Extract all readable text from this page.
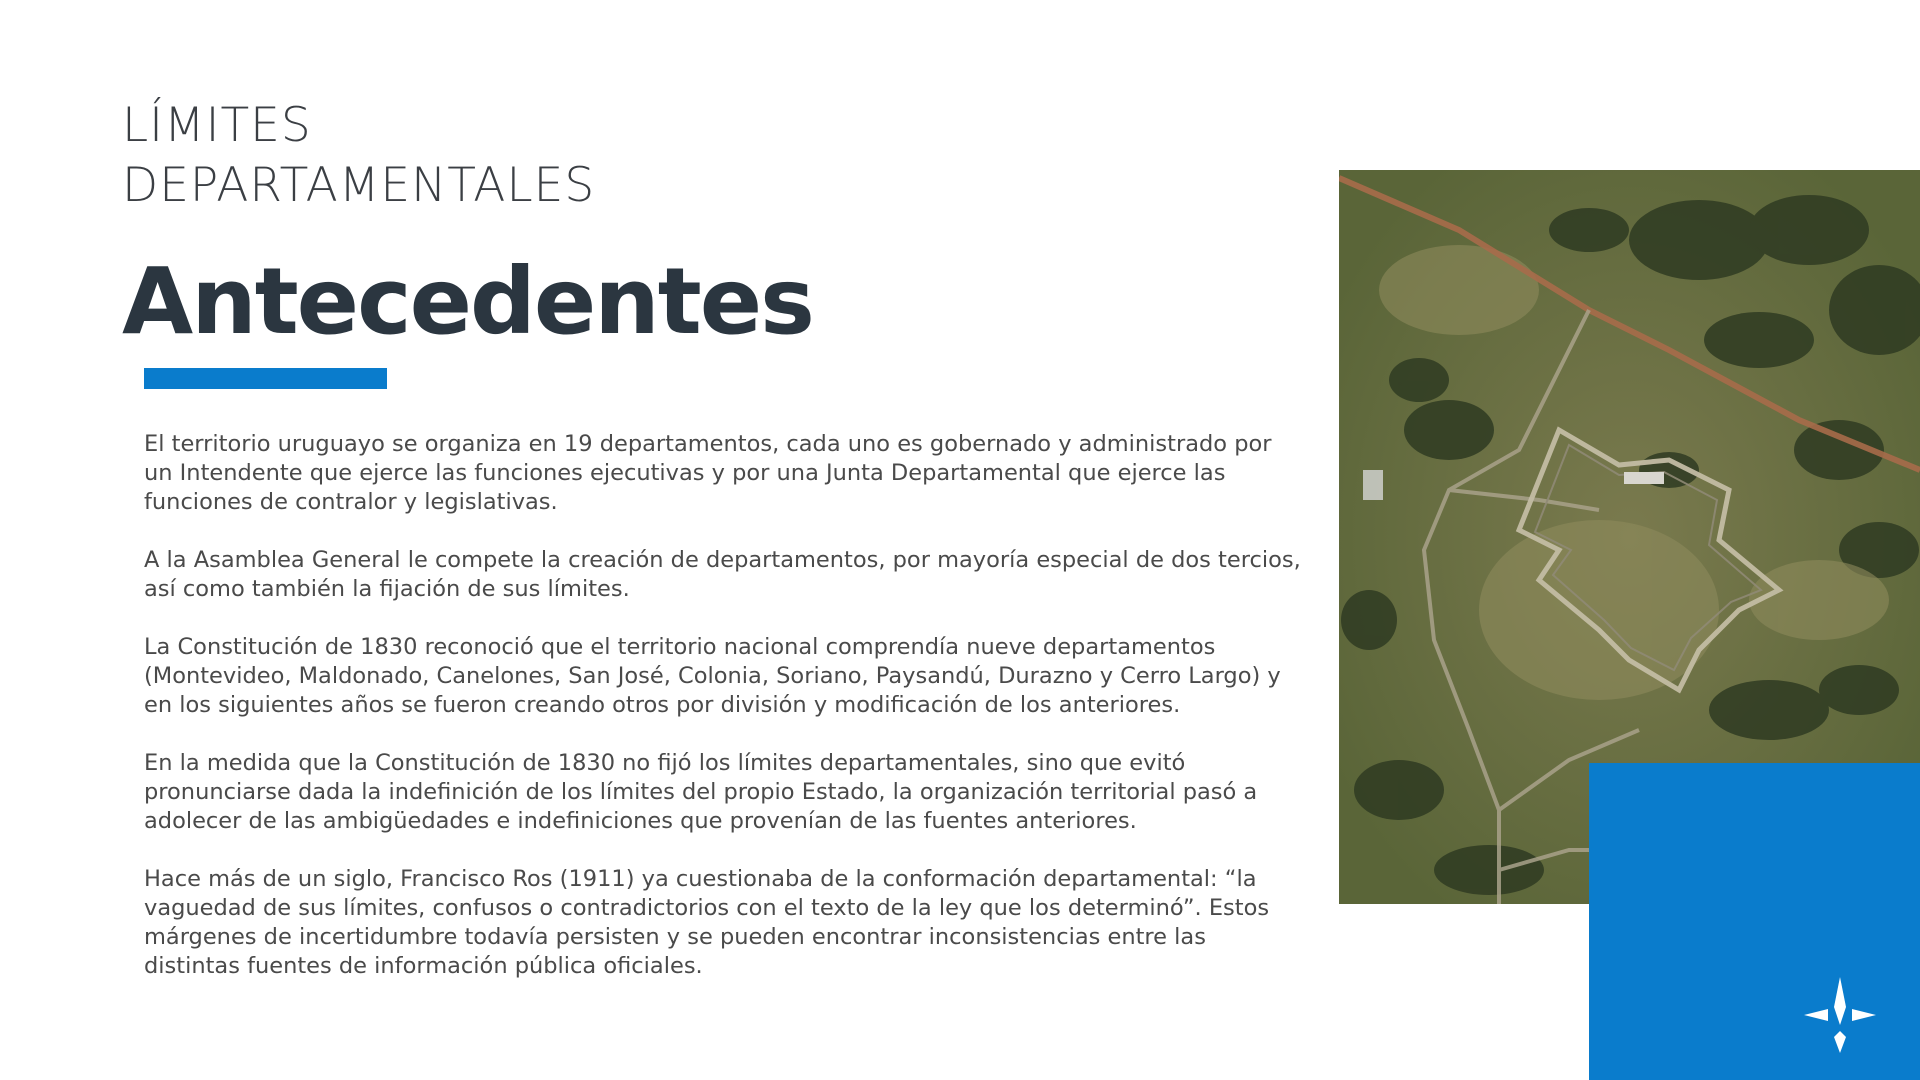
LÍMITES
DEPARTAMENTALES
Antecedentes

El territorio uruguayo se organiza en 19 departamentos, cada uno es gobernado y administrado por un Intendente que ejerce las funciones ejecutivas y por una Junta Departamental que ejerce las funciones de contralor y legislativas.

A la Asamblea General le compete la creación de departamentos, por mayoría especial de dos tercios, así como también la fijación de sus límites.

La Constitución de 1830 reconoció que el territorio nacional comprendía nueve departamentos (Montevideo, Maldonado, Canelones, San José, Colonia, Soriano, Paysandú, Durazno y Cerro Largo) y en los siguientes años se fueron creando otros por división y modificación de los anteriores.

En la medida que la Constitución de 1830 no fijó los límites departamentales, sino que evitó pronunciarse dada la indefinición de los límites del propio Estado, la organización territorial pasó a adolecer de las ambigüedades e indefiniciones que provenían de las fuentes anteriores.

Hace más de un siglo, Francisco Ros (1911) ya cuestionaba de la conformación departamental: “la vaguedad de sus límites, confusos o contradictorios con el texto de la ley que los determinó”. Estos márgenes de incertidumbre todavía persisten y se pueden encontrar inconsistencias entre las distintas fuentes de información pública oficiales.
